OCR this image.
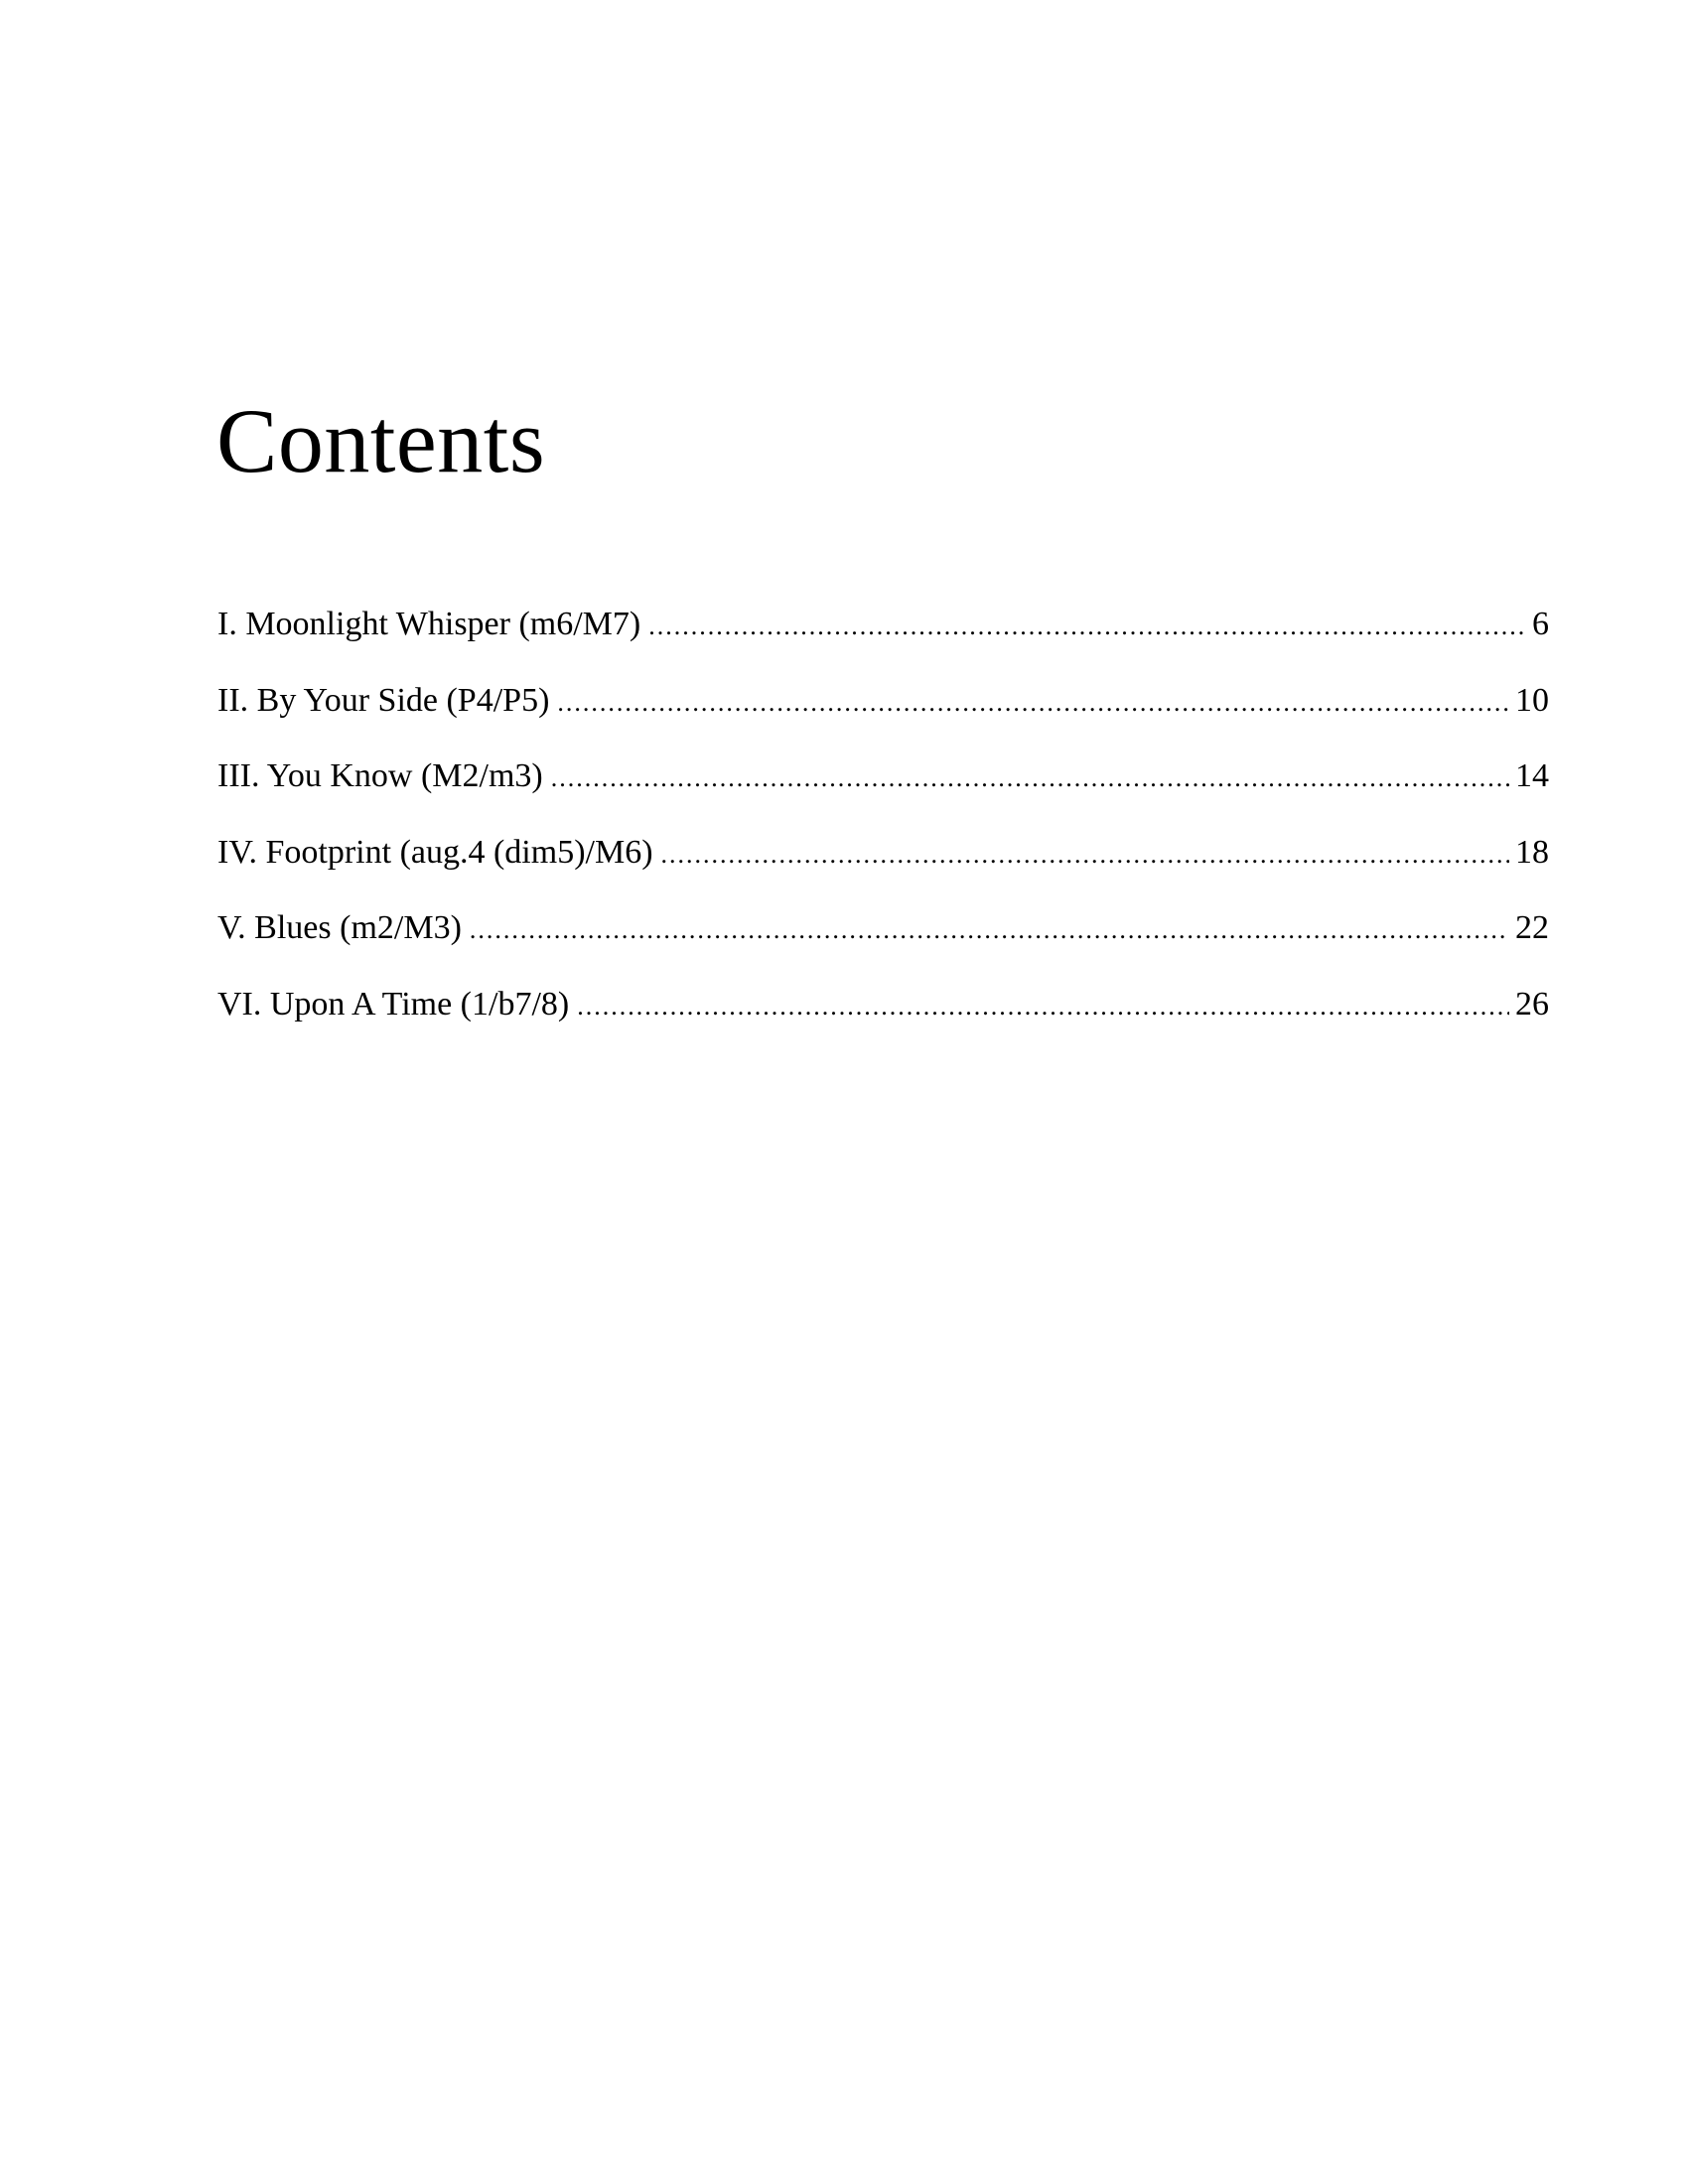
Contents
I. Moonlight Whisper (m6/M7) .....	6
II. By Your Side (P4/P5) .....	10
III. You Know (M2/m3) .....	14
IV. Footprint (aug.4 (dim5)/M6) .....	18
V. Blues (m2/M3) .....	22
VI. Upon A Time (1/b7/8) .....	26
